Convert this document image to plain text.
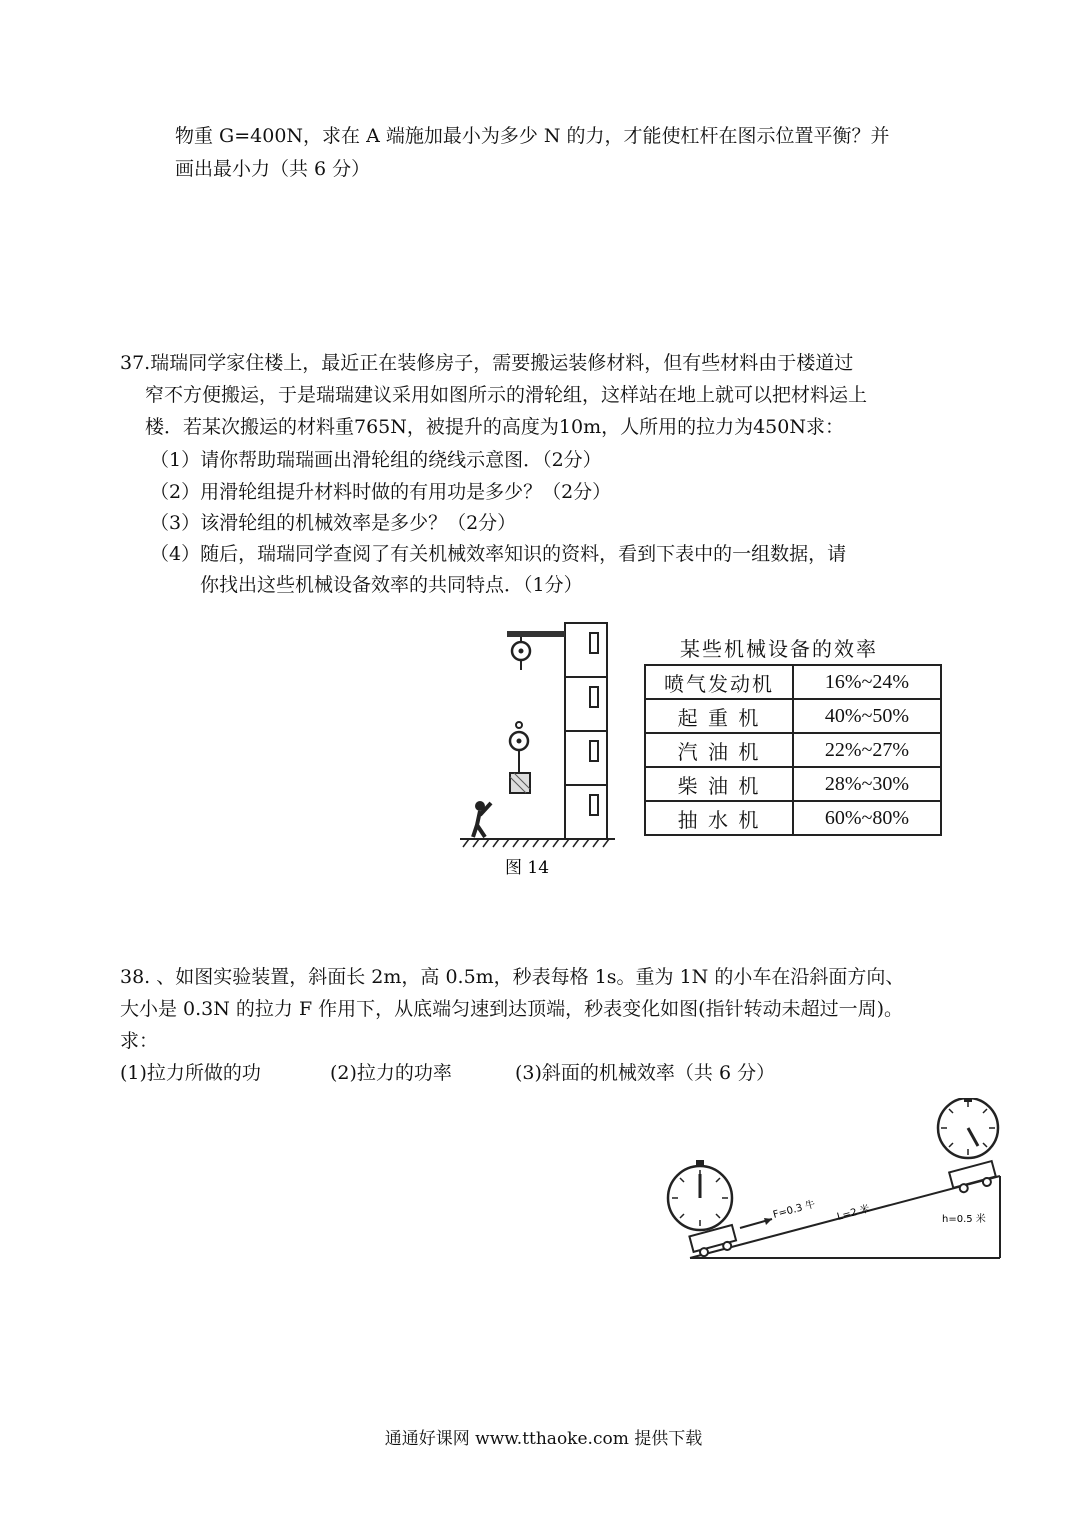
物重 G=400N，求在 A 端施加最小为多少 N 的力，才能使杠杆在图示位置平衡？并
画出最小力（共 6 分）
37.瑞瑞同学家住楼上，最近正在装修房子，需要搬运装修材料，但有些材料由于楼道过
窄不方便搬运，于是瑞瑞建议采用如图所示的滑轮组，这样站在地上就可以把材料运上
楼．若某次搬运的材料重765N，被提升的高度为10m，人所用的拉力为450N求：
（1）请你帮助瑞瑞画出滑轮组的绕线示意图．（2分）
（2）用滑轮组提升材料时做的有用功是多少？（2分）
（3）该滑轮组的机械效率是多少？（2分）
（4）随后，瑞瑞同学查阅了有关机械效率知识的资料，看到下表中的一组数据，请
你找出这些机械设备效率的共同特点．（1分）
图 14
某些机械设备的效率
喷气发动机	16%~24%
起 重 机	40%~50%
汽 油 机	22%~27%
柴 油 机	28%~30%
抽 水 机	60%~80%
38. 、如图实验装置，斜面长 2m，高 0.5m，秒表每格 1s。重为 1N 的小车在沿斜面方向、
大小是 0.3N 的拉力 F 作用下，从底端匀速到达顶端，秒表变化如图(指针转动未超过一周)。
求：
(1)拉力所做的功	(2)拉力的功率	(3)斜面的机械效率（共 6 分）
F=0.3 牛 L=2 米	h=0.5 米
通通好课网 www.tthaoke.com 提供下载
